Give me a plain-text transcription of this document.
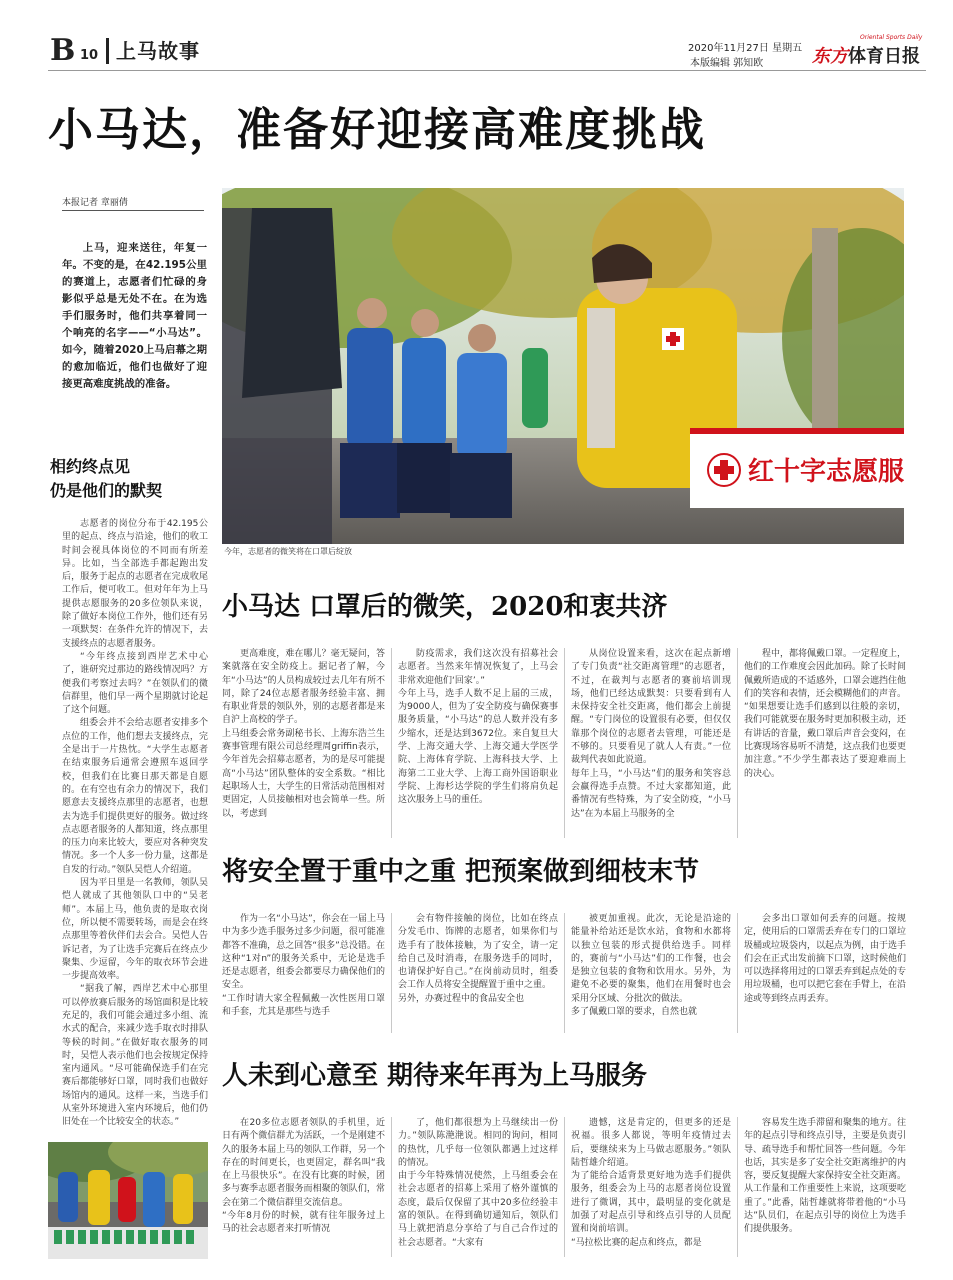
B 10 上马故事	2020年11月27日 星期五
本版编辑 郭知欧
Oriental Sports Daily
东方体育日报
小马达，准备好迎接高难度挑战
本报记者 章丽倩
上马，迎来送往，年复一年。不变的是，在42.195公里的赛道上，志愿者们忙碌的身影似乎总是无处不在。在为选手们服务时，他们共享着同一个响亮的名字——“小马达”。如今，随着2020上马启幕之期的愈加临近，他们也做好了迎接更高难度挑战的准备。
相约终点见
仍是他们的默契

志愿者的岗位分布于42.195公里的起点、终点与沿途，他们的收工时间会视具体岗位的不同而有所差异。比如，当全部选手都起跑出发后，服务于起点的志愿者在完成收尾工作后，便可收工。但对年年为上马提供志愿服务的20多位领队来说，除了做好本岗位工作外，他们还有另一项默契：在条件允许的情况下，去支援终点的志愿者服务。

“今年终点接到西岸艺术中心了，谁研究过那边的路线情况吗？方便我们考察过去吗？”在领队们的微信群里，他们早一两个星期就讨论起了这个问题。

组委会并不会给志愿者安排多个点位的工作，他们想去支援终点，完全是出于一片热忱。“大学生志愿者在结束服务后通常会遵照车返回学校，但我们在比赛日那天都是自愿的。在有空也有余力的情况下，我们愿意去支援终点那里的志愿者，也想去为选手们提供更好的服务。做过终点志愿者服务的人都知道，终点那里的压力向来比较大，要应对各种突发情况。多一个人多一份力量，这都是自发的行动。”领队吴恺人介绍道。

因为平日里是一名教师，领队吴恺人就成了其他领队口中的“吴老师”。本届上马，他负责的是取衣岗位，所以便不需要转场，而是会在终点那里等着伙伴们去会合。吴恺人告诉记者，为了让选手完赛后在终点少聚集、少逗留，今年的取衣环节会进一步提高效率。

“据我了解，西岸艺术中心那里可以停放赛后服务的场馆面积是比较充足的，我们可能会通过多小组、流水式的配合，来减少选手取衣时排队等候的时间。”在做好取衣服务的同时，吴恺人表示他们也会按规定保持室内通风。“尽可能确保选手们在完赛后都能够好口罩，同时我们也做好场馆内的通风。这样一来，当选手们从室外环境进入室内环境后，他们仍旧处在一个比较安全的状态。”

红十字志愿服
今年，志愿者的微笑将在口罩后绽放
小马达 口罩后的微笑，2020和衷共济

更高难度，难在哪儿？毫无疑问，答案就落在安全防疫上。据记者了解，今年“小马达”的人员构成较过去几年有所不同，除了24位志愿者服务经验丰富、拥有职业背景的领队外，别的志愿者都是来自沪上高校的学子。
上马组委会常务副秘书长、上海东浩兰生赛事管理有限公司总经理周griffin表示，今年首先会招募志愿者，为的是尽可能提高“小马达”团队整体的安全系数。“相比起职场人士，大学生的日常活动范围相对更固定，人员接触相对也会简单一些。所以，考虑到

防疫需求，我们这次没有招募社会志愿者。当然来年情况恢复了，上马会非常欢迎他们‘回家’。”
今年上马，选手人数不足上届的三成，为9000人，但为了安全防疫与确保赛事服务质量，“小马达”的总人数并没有多少缩水，还是达到3672位。来自复旦大学、上海交通大学、上海交通大学医学院、上海体育学院、上海科技大学、上海第二工业大学、上海工商外国语职业学院、上海杉达学院的学生们将肩负起这次服务上马的重任。

从岗位设置来看，这次在起点新增了专门负责“社交距离管理”的志愿者，不过，在裁判与志愿者的赛前培训现场，他们已经达成默契：只要看到有人未保持安全社交距离，他们都会上前提醒。“专门岗位的设置很有必要，但仅仅靠那个岗位的志愿者去管理，可能还是不够的。只要看见了就人人有责。”一位裁判代表如此说道。
每年上马，“小马达”们的服务和笑容总会赢得选手点赞。不过大家都知道，此番情况有些特殊，为了安全防疫，“小马达”在为本届上马服务的全

程中，都将佩戴口罩。一定程度上，他们的工作难度会因此加码。除了长时间佩戴所造成的不适感外，口罩会遮挡住他们的笑容和表情，还会模糊他们的声音。
“如果想要让选手们感到以往般的亲切，我们可能就要在服务时更加积极主动，还有讲话的音量，戴口罩后声音会变闷，在比赛现场容易听不清楚，这点我们也要更加注意。”不少学生都表达了要迎难而上的决心。

将安全置于重中之重 把预案做到细枝末节

作为一名“小马达”，你会在一届上马中为多少选手服务过多少问题，很可能准都答不准确，总之回答“很多”总没错。在这种“1对n”的服务关系中，无论是选手还是志愿者，组委会都要尽力确保他们的安全。
“工作时请大家全程佩戴一次性医用口罩和手套，尤其是那些与选手

会有物件接触的岗位，比如在终点分发毛巾、饰牌的志愿者，如果你们与选手有了肢体接触，为了安全，请一定给自己及时消毒，在服务选手的同时，也请保护好自己。”在岗前动员时，组委会工作人员将安全提醒置于重中之重。
另外，办赛过程中的食品安全也

被更加重视。此次，无论是沿途的能量补给站还是饮水站，食物和水都将以独立包装的形式提供给选手。同样的，赛前与“小马达”们的工作餐，也会是独立包装的食物和饮用水。另外，为避免不必要的聚集，他们在用餐时也会采用分区域、分批次的做法。
多了佩戴口罩的要求，自然也就

会多出口罩如何丢弃的问题。按规定，使用后的口罩需丢弃在专门的口罩垃圾桶或垃圾袋内，以起点为例，由于选手们会在正式出发前摘下口罩，这时候他们可以选择将用过的口罩丢弃到起点处的专用垃圾桶，也可以把它套在手臂上，在沿途或等到终点再丢弃。

人未到心意至 期待来年再为上马服务

在20多位志愿者领队的手机里，近日有两个微信群尤为活跃，一个是刚建不久的服务本届上马的领队工作群，另一个存在的时间更长，也更固定，群名叫“我在上马很快乐”。在没有比赛的时候，团多与赛季志愿者服务而相聚的领队们，常会在第二个微信群里交流信息。
“今年8月份的时候，就有往年服务过上马的社会志愿者来打听情况

了，他们都很想为上马继续出一份力。”领队陈滟滟说。相同的询问，相同的热忱，几乎每一位领队都遇上过这样的情况。
由于今年特殊情况使然，上马组委会在社会志愿者的招募上采用了格外谨慎的态度，最后仅保留了其中20多位经验丰富的领队。在得到确切通知后，领队们马上就把消息分享给了与自己合作过的社会志愿者。“大家有

遗憾，这是肯定的，但更多的还是祝福。很多人都说，等明年疫情过去后，要继续来为上马做志愿服务。”领队陆哲雄介绍道。
为了能给合适背景更好地为选手们提供服务，组委会为上马的志愿者岗位设置进行了微调，其中，最明显的变化就是加强了对起点引导和终点引导的人员配置和岗前培训。
“马拉松比赛的起点和终点，都是

容易发生选手滞留和聚集的地方。往年的起点引导和终点引导，主要是负责引导、疏导选手和帮忙回答一些问题。今年也话，其实是多了安全社交距离维护的内容，要反复提醒大家保持安全社交距离。从工作量和工作重要性上来说，这项要吃重了。”此番，陆哲雄就将带着他的“小马达”队员们，在起点引导的岗位上为选手们提供服务。
